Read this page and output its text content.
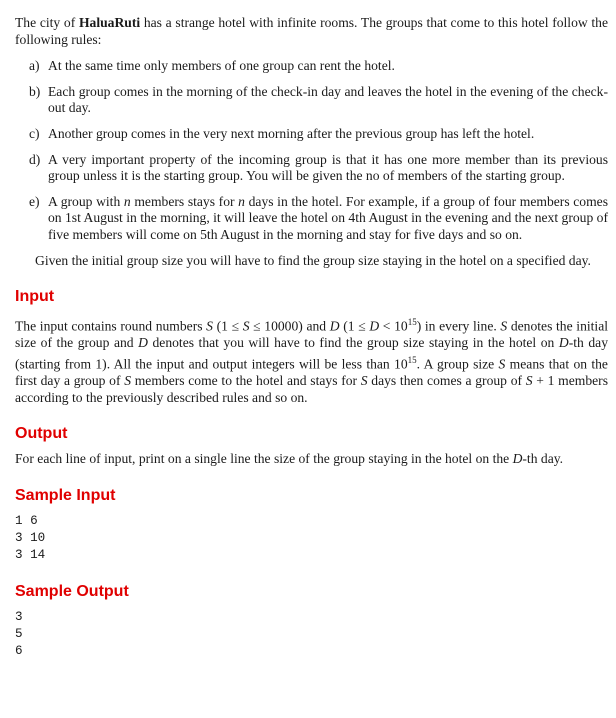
The city of HaluaRuti has a strange hotel with infinite rooms. The groups that come to this hotel follow the following rules:

a) At the same time only members of one group can rent the hotel.
b) Each group comes in the morning of the check-in day and leaves the hotel in the evening of the check-out day.
c) Another group comes in the very next morning after the previous group has left the hotel.
d) A very important property of the incoming group is that it has one more member than its previous group unless it is the starting group. You will be given the no of members of the starting group.
e) A group with n members stays for n days in the hotel. For example, if a group of four members comes on 1st August in the morning, it will leave the hotel on 4th August in the evening and the next group of five members will come on 5th August in the morning and stay for five days and so on.

Given the initial group size you will have to find the group size staying in the hotel on a specified day.

Input

The input contains round numbers S (1 ≤ S ≤ 10000) and D $(1 \le D < 10^{15})$ in every line. S denotes the initial size of the group and D denotes that you will have to find the group size staying in the hotel on D-th day (starting from 1). All the input and output integers will be less than $10^{15}$. A group size S means that on the first day a group of S members come to the hotel and stays for S days then comes a group of S + 1 members according to the previously described rules and so on.

Output

For each line of input, print on a single line the size of the group staying in the hotel on the D-th day.

Sample Input
1 6
3 10
3 14
Sample Output
3
5
6
